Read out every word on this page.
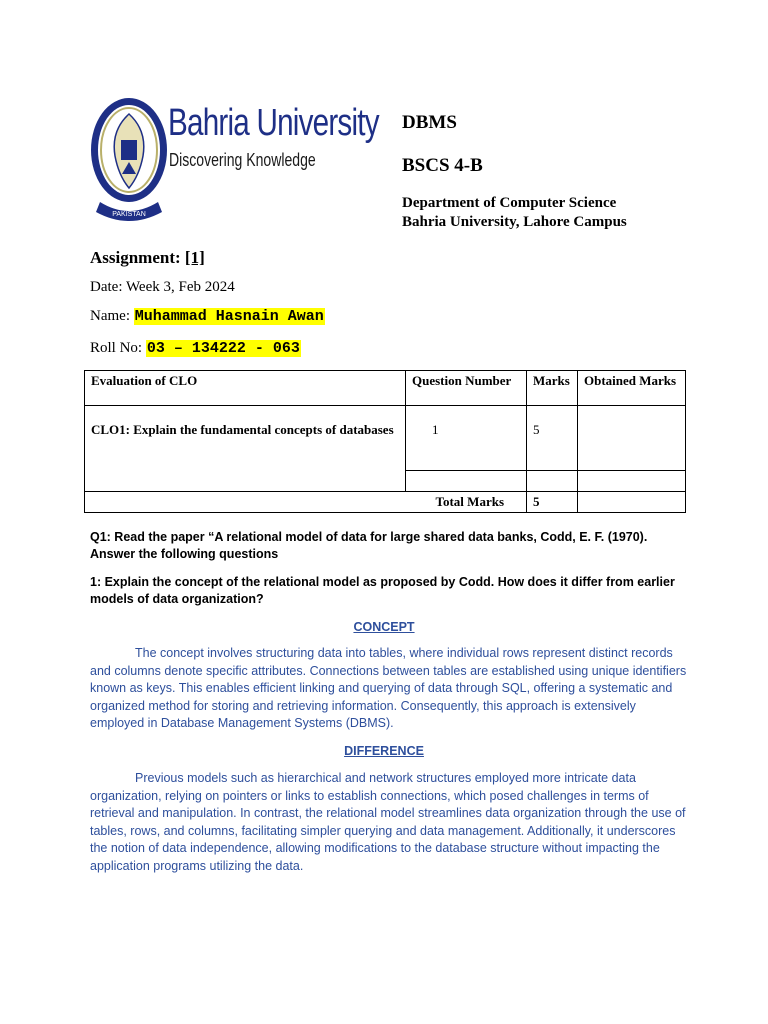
PAKISTAN
Bahria University
Discovering Knowledge
DBMS
BSCS 4-B
Department of Computer Science
Bahria University, Lahore Campus
Assignment: [1]
Date: Week 3, Feb 2024
Name: Muhammad Hasnain Awan
Roll No: 03 – 134222 - 063
Evaluation of CLO	Question Number	Marks	Obtained Marks
CLO1: Explain the fundamental concepts of databases	1	5	

Total Marks		5	
Q1: Read the paper “A relational model of data for large shared data banks, Codd, E. F. (1970). Answer the following questions
1: Explain the concept of the relational model as proposed by Codd. How does it differ from earlier models of data organization?
CONCEPT
The concept involves structuring data into tables, where individual rows represent distinct records and columns denote specific attributes. Connections between tables are established using unique identifiers known as keys. This enables efficient linking and querying of data through SQL, offering a systematic and organized method for storing and retrieving information. Consequently, this approach is extensively employed in Database Management Systems (DBMS).
DIFFERENCE
Previous models such as hierarchical and network structures employed more intricate data organization, relying on pointers or links to establish connections, which posed challenges in terms of retrieval and manipulation. In contrast, the relational model streamlines data organization through the use of tables, rows, and columns, facilitating simpler querying and data management. Additionally, it underscores the notion of data independence, allowing modifications to the database structure without impacting the application programs utilizing the data.
